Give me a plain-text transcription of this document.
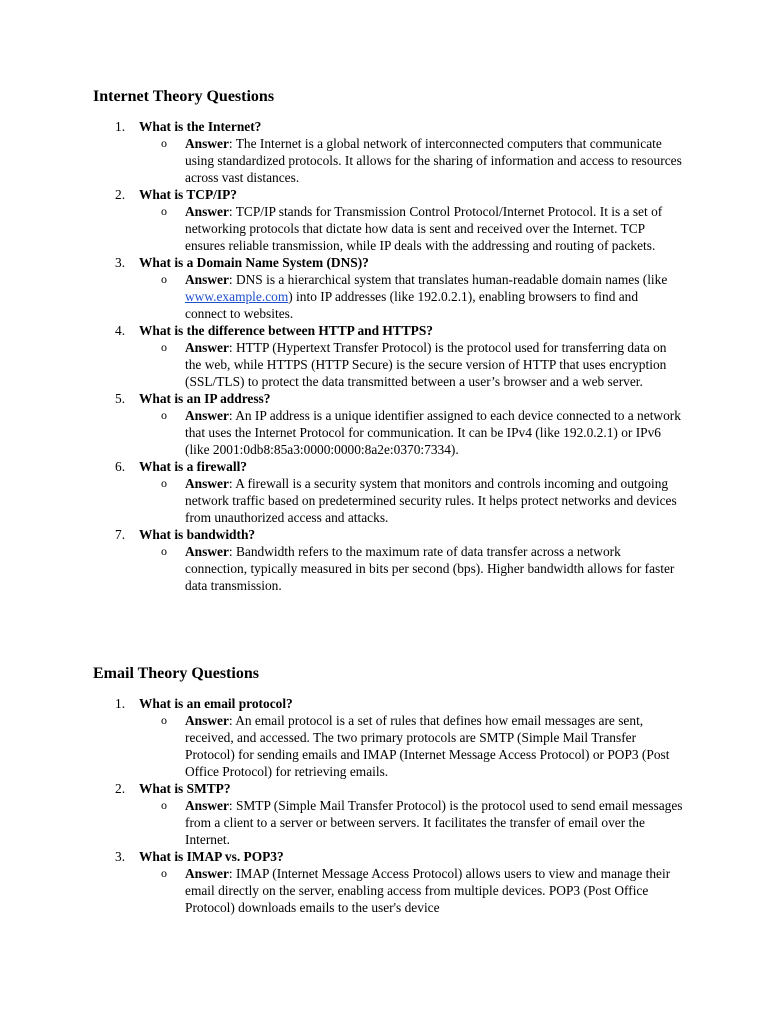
Internet Theory Questions
1.	What is the Internet?
o Answer: The Internet is a global network of interconnected computers that communicate using standardized protocols. It allows for the sharing of information and access to resources across vast distances.
2.	What is TCP/IP?
o Answer: TCP/IP stands for Transmission Control Protocol/Internet Protocol. It is a set of networking protocols that dictate how data is sent and received over the Internet. TCP ensures reliable transmission, while IP deals with the addressing and routing of packets.
3.	What is a Domain Name System (DNS)?
o Answer: DNS is a hierarchical system that translates human-readable domain names (like www.example.com) into IP addresses (like 192.0.2.1), enabling browsers to find and connect to websites.
4.	What is the difference between HTTP and HTTPS?
o Answer: HTTP (Hypertext Transfer Protocol) is the protocol used for transferring data on the web, while HTTPS (HTTP Secure) is the secure version of HTTP that uses encryption (SSL/TLS) to protect the data transmitted between a user’s browser and a web server.
5.	What is an IP address?
o Answer: An IP address is a unique identifier assigned to each device connected to a network that uses the Internet Protocol for communication. It can be IPv4 (like 192.0.2.1) or IPv6 (like 2001:0db8:85a3:0000:0000:8a2e:0370:7334).
6.	What is a firewall?
o Answer: A firewall is a security system that monitors and controls incoming and outgoing network traffic based on predetermined security rules. It helps protect networks and devices from unauthorized access and attacks.
7.	What is bandwidth?
o Answer: Bandwidth refers to the maximum rate of data transfer across a network connection, typically measured in bits per second (bps). Higher bandwidth allows for faster data transmission.
Email Theory Questions
1.	What is an email protocol?
o Answer: An email protocol is a set of rules that defines how email messages are sent, received, and accessed. The two primary protocols are SMTP (Simple Mail Transfer Protocol) for sending emails and IMAP (Internet Message Access Protocol) or POP3 (Post Office Protocol) for retrieving emails.
2.	What is SMTP?
o Answer: SMTP (Simple Mail Transfer Protocol) is the protocol used to send email messages from a client to a server or between servers. It facilitates the transfer of email over the Internet.
3.	What is IMAP vs. POP3?
o Answer: IMAP (Internet Message Access Protocol) allows users to view and manage their email directly on the server, enabling access from multiple devices. POP3 (Post Office Protocol) downloads emails to the user's device
